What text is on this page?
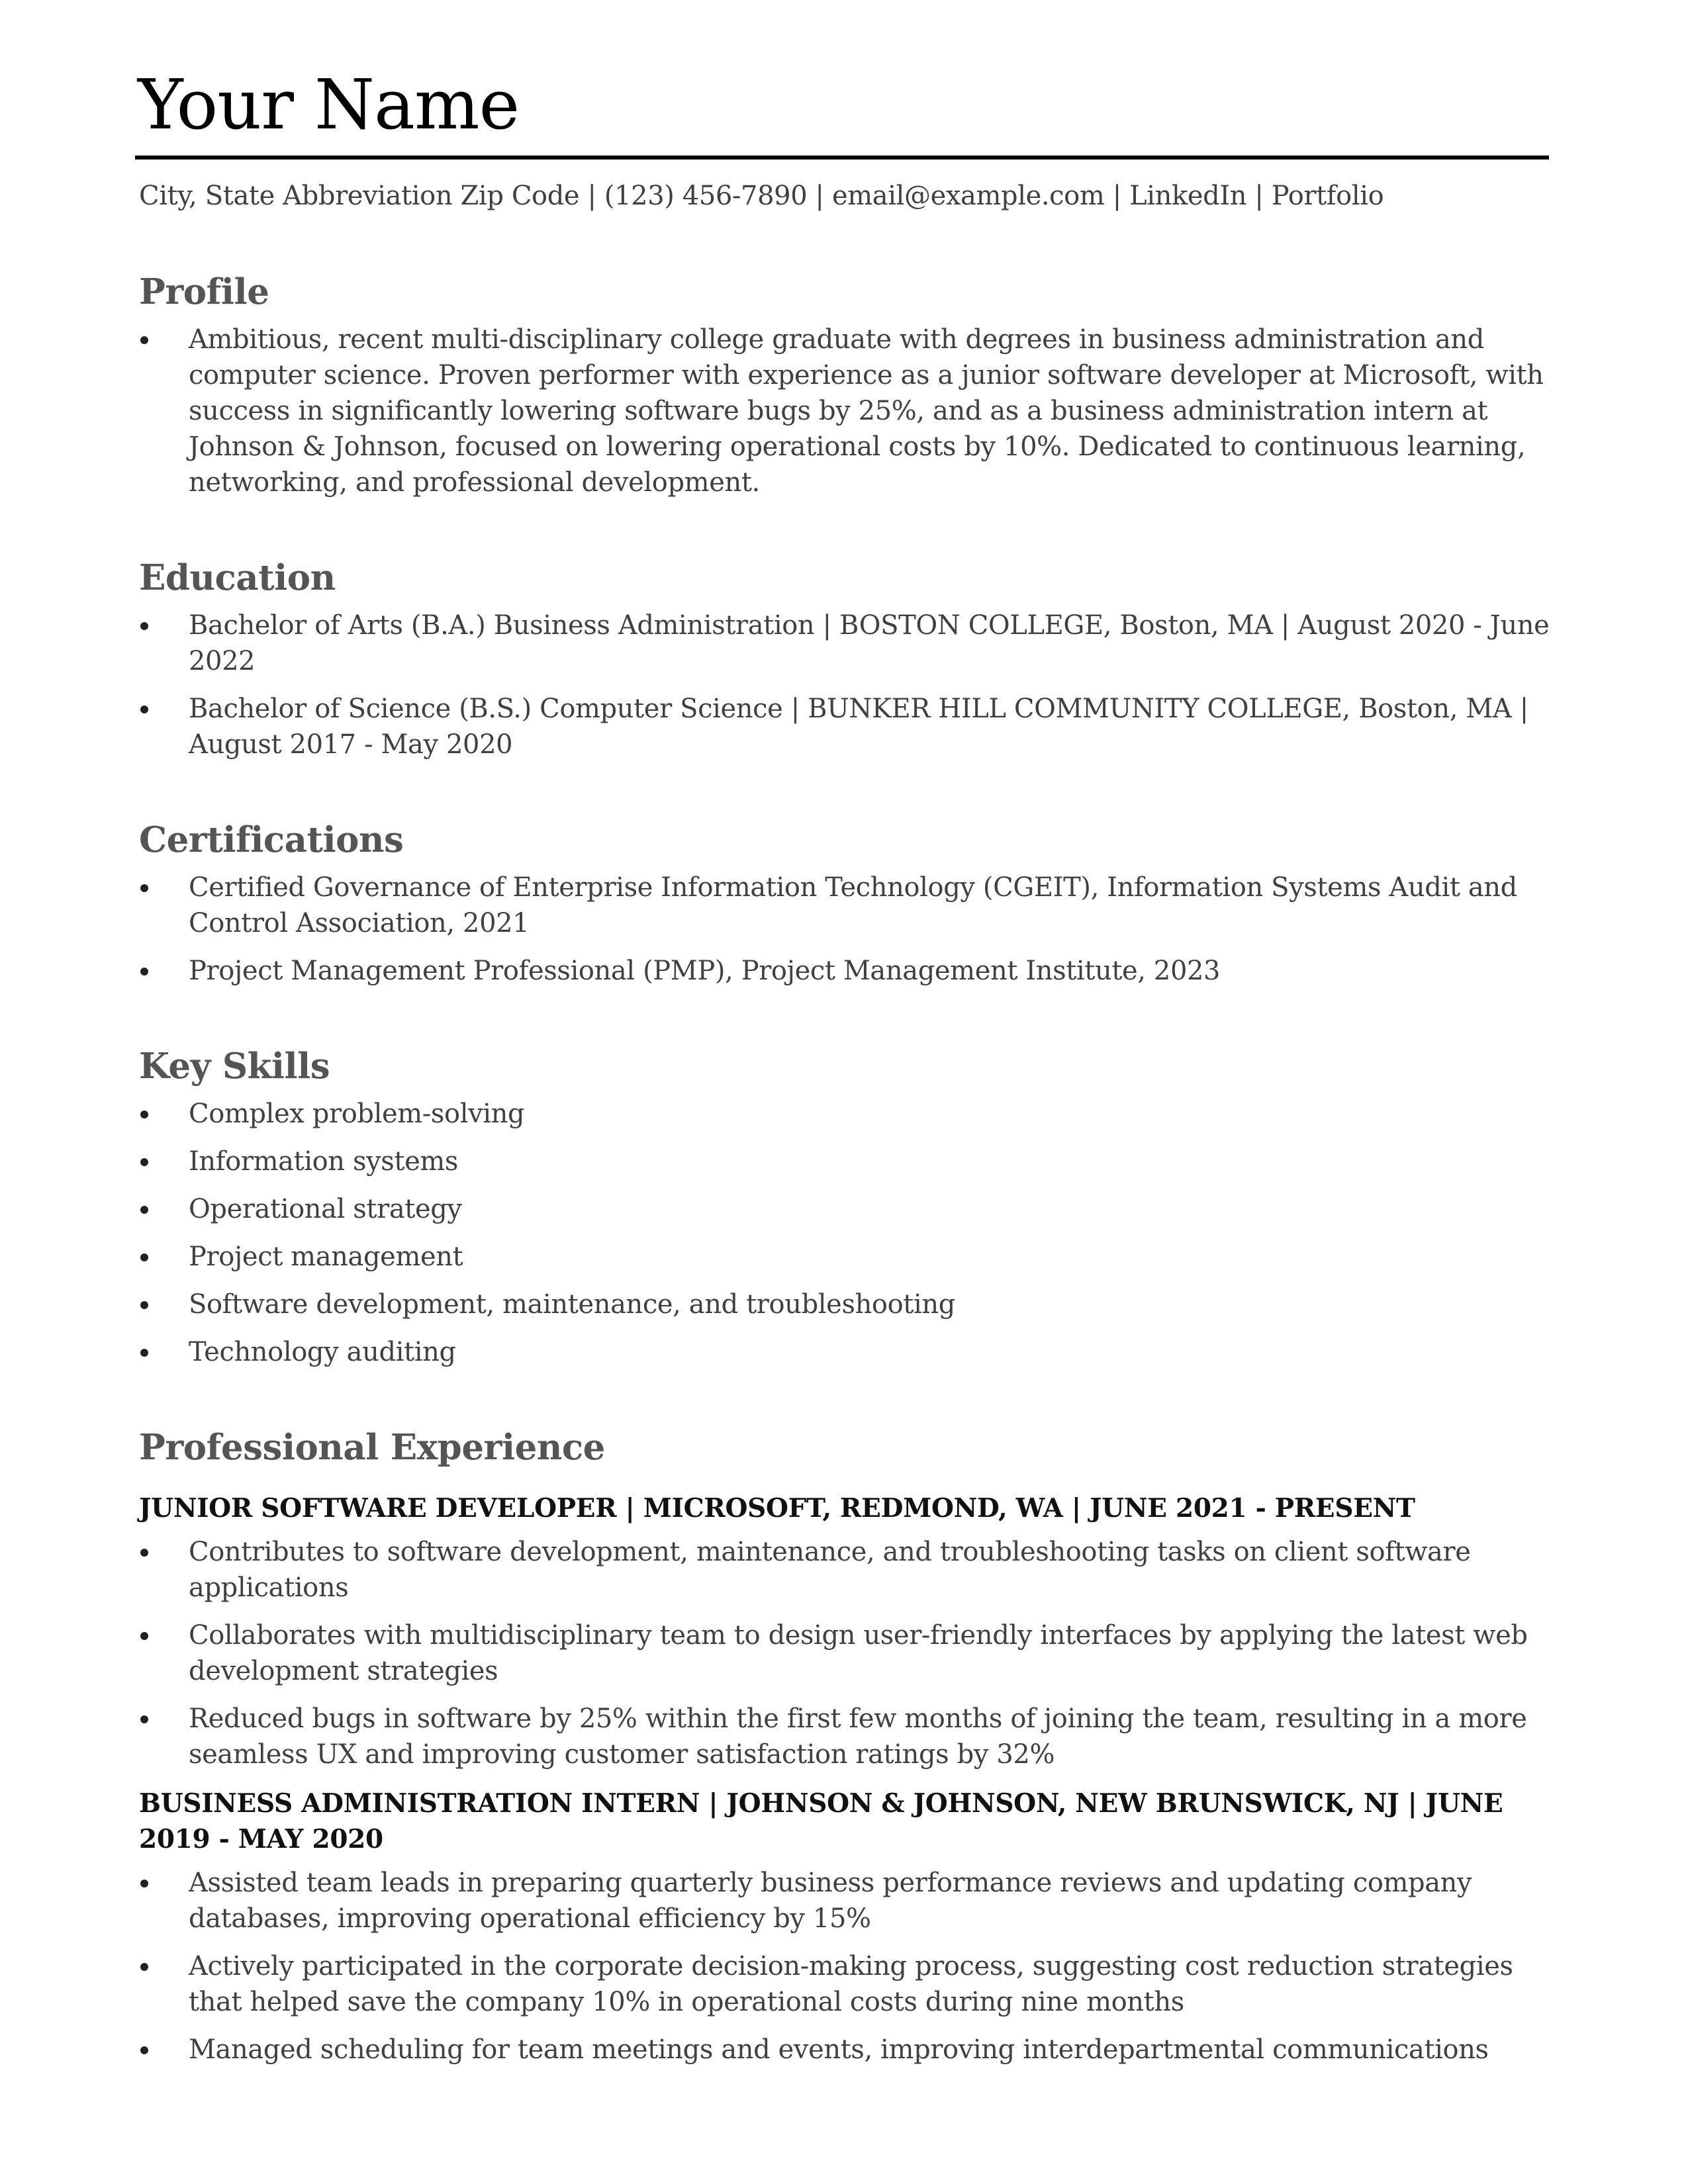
Your Name
City, State Abbreviation Zip Code | (123) 456-7890 | email@example.com | LinkedIn | Portfolio
Profile
Ambitious, recent multi-disciplinary college graduate with degrees in business administration and computer science. Proven performer with experience as a junior software developer at Microsoft, with success in significantly lowering software bugs by 25%, and as a business administration intern at Johnson & Johnson, focused on lowering operational costs by 10%. Dedicated to continuous learning, networking, and professional development.
Education
Bachelor of Arts (B.A.) Business Administration | BOSTON COLLEGE, Boston, MA | August 2020 - June 2022
Bachelor of Science (B.S.) Computer Science | BUNKER HILL COMMUNITY COLLEGE, Boston, MA | August 2017 - May 2020
Certifications
Certified Governance of Enterprise Information Technology (CGEIT), Information Systems Audit and Control Association, 2021
Project Management Professional (PMP), Project Management Institute, 2023
Key Skills
Complex problem-solving
Information systems
Operational strategy
Project management
Software development, maintenance, and troubleshooting
Technology auditing
Professional Experience
JUNIOR SOFTWARE DEVELOPER | MICROSOFT, REDMOND, WA | JUNE 2021 - PRESENT
Contributes to software development, maintenance, and troubleshooting tasks on client software applications
Collaborates with multidisciplinary team to design user-friendly interfaces by applying the latest web development strategies
Reduced bugs in software by 25% within the first few months of joining the team, resulting in a more seamless UX and improving customer satisfaction ratings by 32%
BUSINESS ADMINISTRATION INTERN | JOHNSON & JOHNSON, NEW BRUNSWICK, NJ | JUNE 2019 - MAY 2020
Assisted team leads in preparing quarterly business performance reviews and updating company databases, improving operational efficiency by 15%
Actively participated in the corporate decision-making process, suggesting cost reduction strategies that helped save the company 10% in operational costs during nine months
Managed scheduling for team meetings and events, improving interdepartmental communications
